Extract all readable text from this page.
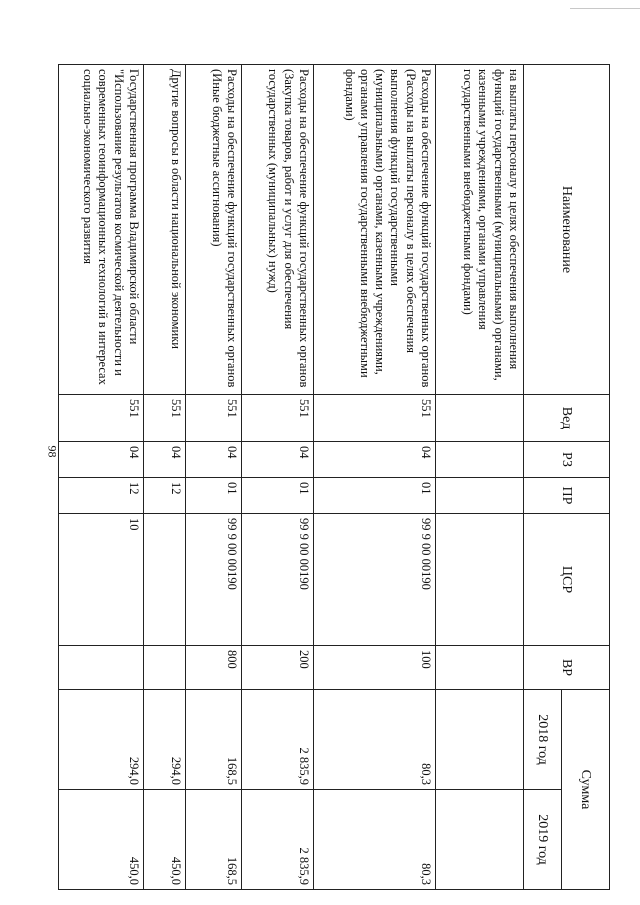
98
Наименование	Вед	РЗ	ПР	ЦСР	ВР	Сумма	
						2018 год	2019 год
на выплаты персоналу в целях обеспечения выполнения функций государственными (муниципальными) органами, казенными учреждениями, органами управления государственными внебюджетными фондами)							
Расходы на обеспечение функций государственных органов (Расходы на выплаты персоналу в целях обеспечения выполнения функций государственными (муниципальными) органами, казенными учреждениями, органами управления государственными внебюджетными фондами)	551	04	01	99 9 00 00190	100	80,3	80,3
Расходы на обеспечение функций государственных органов (Закупка товаров, работ и услуг для обеспечения государственных (муниципальных) нужд)	551	04	01	99 9 00 00190	200	2 835,9	2 835,9
Расходы на обеспечение функций государственных органов (Иные бюджетные ассигнования)	551	04	01	99 9 00 00190	800	168,5	168,5
Другие вопросы в области национальной экономики	551	04	12			294,0	450,0
Государственная программа Владимирской области "Использование результатов космической деятельности и современных геоинформационных технологий в интересах социально-экономического развития	551	04	12	10		294,0	450,0
